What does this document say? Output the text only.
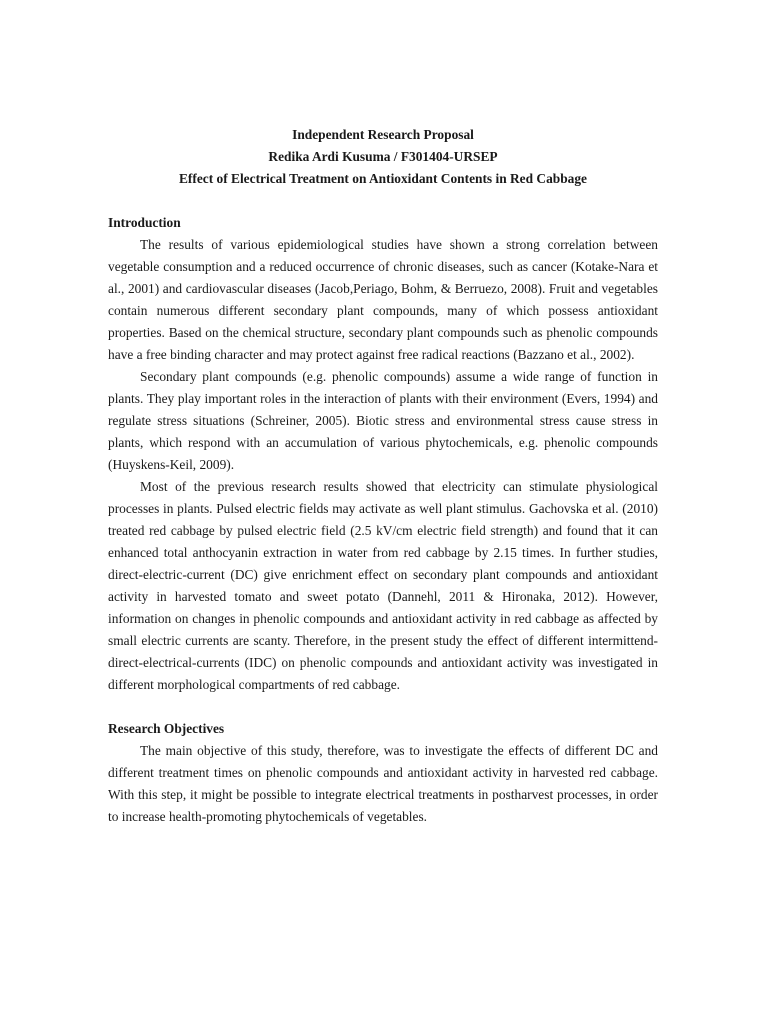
Independent Research Proposal

Redika Ardi Kusuma / F301404-URSEP

Effect of Electrical Treatment on Antioxidant Contents in Red Cabbage

Introduction

The results of various epidemiological studies have shown a strong correlation between vegetable consumption and a reduced occurrence of chronic diseases, such as cancer (Kotake-Nara et al., 2001) and cardiovascular diseases (Jacob,Periago, Bohm, & Berruezo, 2008). Fruit and vegetables contain numerous different secondary plant compounds, many of which possess antioxidant properties. Based on the chemical structure, secondary plant compounds such as phenolic compounds have a free binding character and may protect against free radical reactions (Bazzano et al., 2002).

Secondary plant compounds (e.g. phenolic compounds) assume a wide range of function in plants. They play important roles in the interaction of plants with their environment (Evers, 1994) and regulate stress situations (Schreiner, 2005). Biotic stress and environmental stress cause stress in plants, which respond with an accumulation of various phytochemicals, e.g. phenolic compounds (Huyskens-Keil, 2009).

Most of the previous research results showed that electricity can stimulate physiological processes in plants. Pulsed electric fields may activate as well plant stimulus. Gachovska et al. (2010) treated red cabbage by pulsed electric field (2.5 kV/cm electric field strength) and found that it can enhanced total anthocyanin extraction in water from red cabbage by 2.15 times. In further studies, direct-electric-current (DC) give enrichment effect on secondary plant compounds and antioxidant activity in harvested tomato and sweet potato (Dannehl, 2011 & Hironaka, 2012). However, information on changes in phenolic compounds and antioxidant activity in red cabbage as affected by small electric currents are scanty. Therefore, in the present study the effect of different intermittend-direct-electrical-currents (IDC) on phenolic compounds and antioxidant activity was investigated in different morphological compartments of red cabbage.

Research Objectives

The main objective of this study, therefore, was to investigate the effects of different DC and different treatment times on phenolic compounds and antioxidant activity in harvested red cabbage. With this step, it might be possible to integrate electrical treatments in postharvest processes, in order to increase health-promoting phytochemicals of vegetables.
